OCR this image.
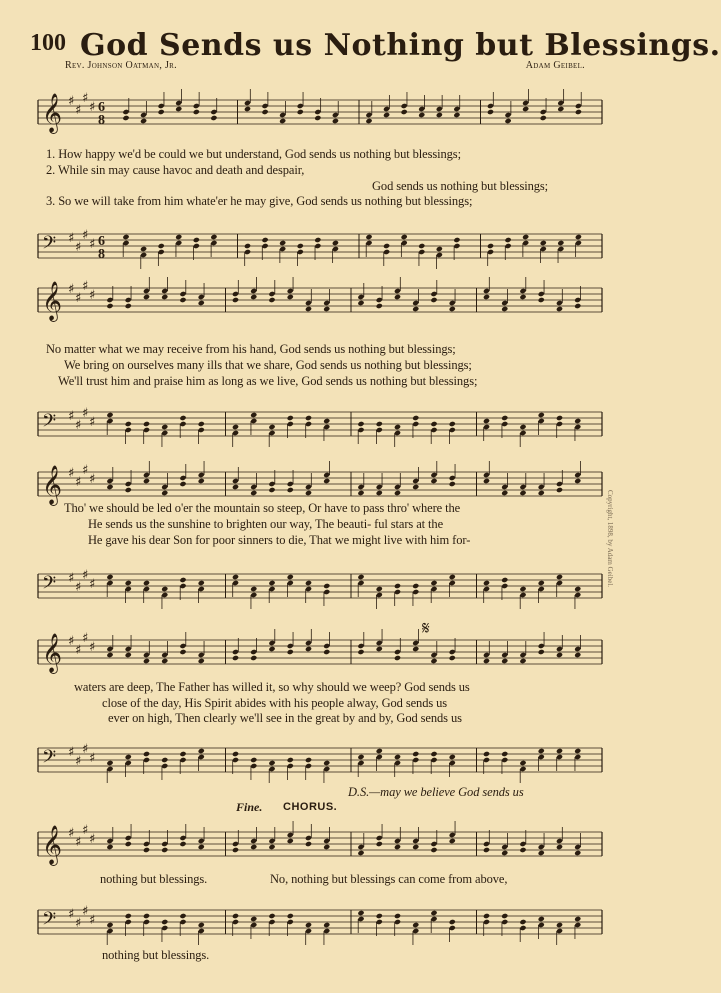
100 God Sends us Nothing but Blessings.
Rev. Johnson Oatman, Jr.	Adam Geibel.
𝄞 ♯
♯
♯
♯ 6
8
1. How happy we'd be could we but understand, God sends us nothing but blessings;
2. While sin may cause havoc and death and despair,
God sends us nothing but blessings;
3. So we will take from him whate'er he may give, God sends us nothing but blessings;
𝄢 ♯
♯
♯
♯ 6
8
𝄞 ♯
♯
♯
♯
No matter what we may receive from his hand, God sends us nothing but blessings;
We bring on ourselves many ills that we share, God sends us nothing but blessings;
We'll trust him and praise him as long as we live, God sends us nothing but blessings;
𝄢 ♯
♯
♯
♯
𝄞 ♯
♯
♯
♯
Tho' we should be led o'er the mountain so steep, Or have to pass thro' where the
He sends us the sunshine to brighten our way, The beauti- ful stars at the
He gave his dear Son for poor sinners to die, That we might live with him for-
𝄢 ♯
♯
♯
♯
𝄞 ♯
♯
♯
♯
𝄋
waters are deep, The Father has willed it, so why should we weep? God sends us
close of the day, His Spirit abides with his people alway, God sends us
ever on high, Then clearly we'll see in the great by and by, God sends us
𝄢 ♯
♯
♯
♯
D.S.—may we believe God sends us
Fine. CHORUS.
𝄞 ♯
♯
♯
♯
nothing but blessings.	No, nothing but blessings can come from above,
𝄢 ♯
♯
♯
♯
nothing but blessings.
Copyright, 1898, by Adam Geibel.
